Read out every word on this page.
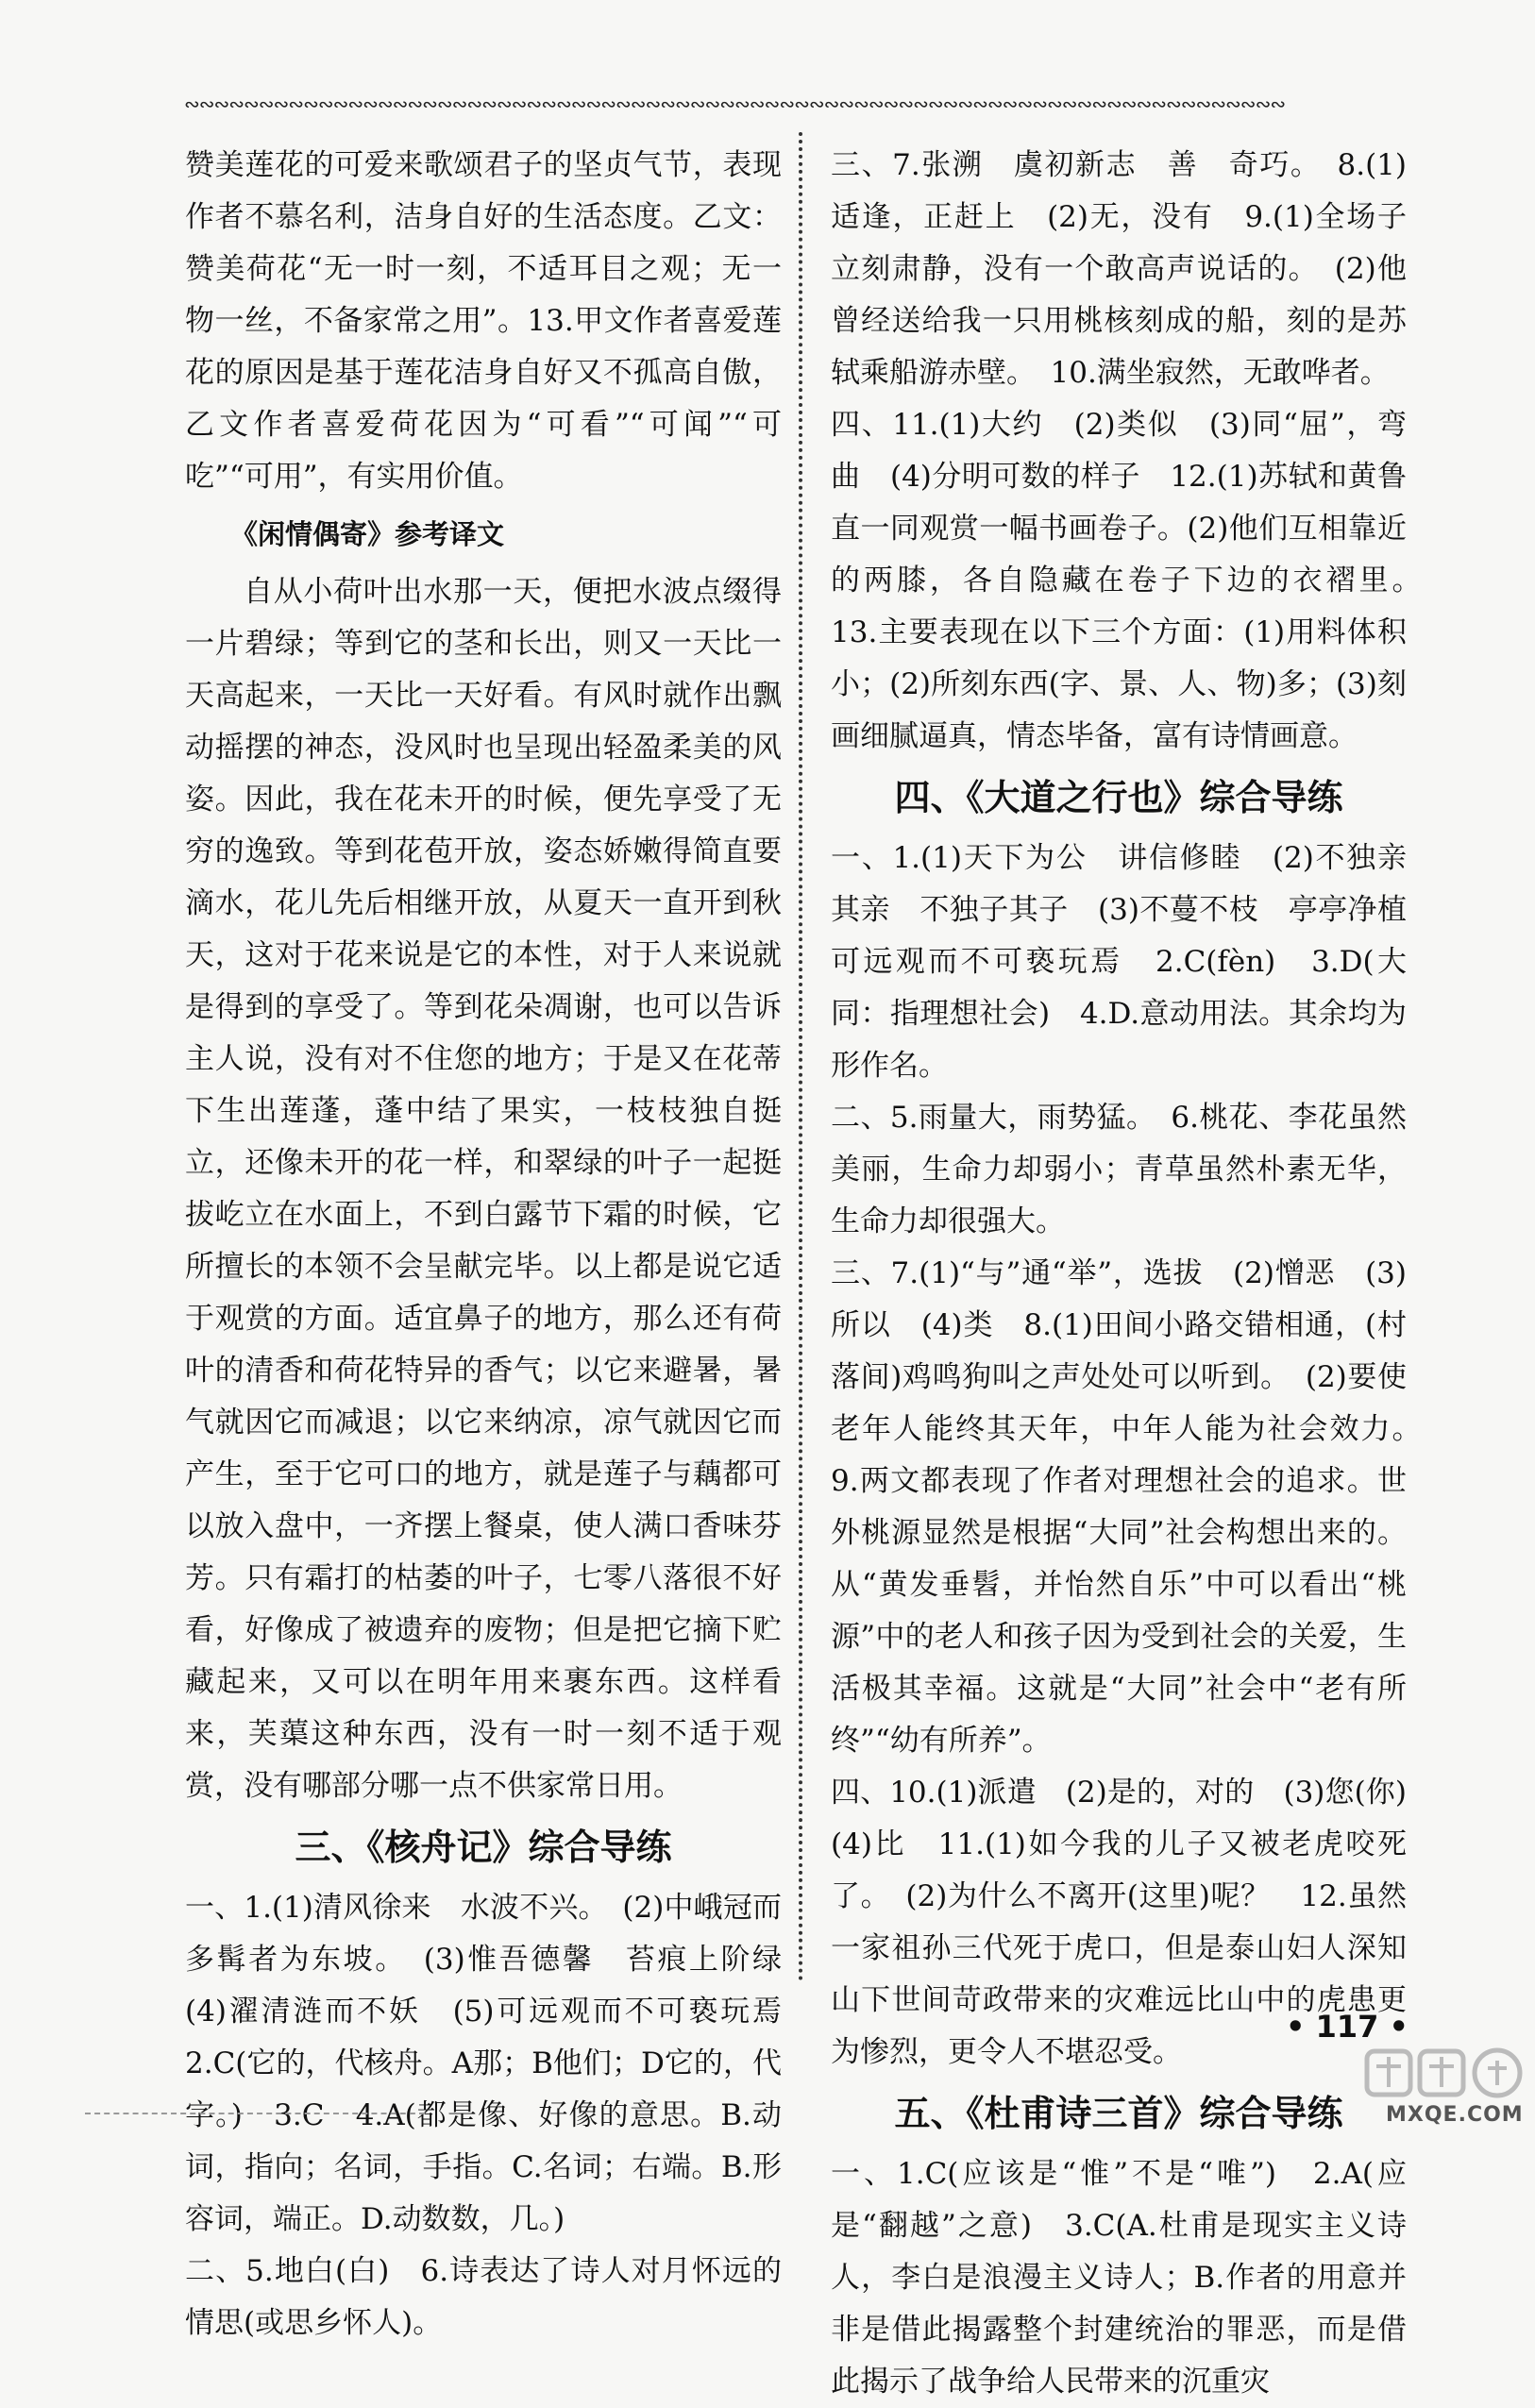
∾∾∾∾∾∾∾∾∾∾∾∾∾∾∾∾∾∾∾∾∾∾∾∾∾∾∾∾∾∾∾∾∾∾∾∾∾∾∾∾∾∾∾∾∾∾∾∾∾∾∾∾∾∾∾∾∾∾∾∾∾∾∾∾∾∾∾∾∾∾∾∾∾∾

赞美莲花的可爱来歌颂君子的坚贞气节，表现作者不慕名利，洁身自好的生活态度。乙文：赞美荷花“无一时一刻，不适耳目之观；无一物一丝，不备家常之用”。13.甲文作者喜爱莲花的原因是基于莲花洁身自好又不孤高自傲，乙文作者喜爱荷花因为“可看”“可闻”“可吃”“可用”，有实用价值。

《闲情偶寄》参考译文

自从小荷叶出水那一天，便把水波点缀得一片碧绿；等到它的茎和长出，则又一天比一天高起来，一天比一天好看。有风时就作出飘动摇摆的神态，没风时也呈现出轻盈柔美的风姿。因此，我在花未开的时候，便先享受了无穷的逸致。等到花苞开放，姿态娇嫩得简直要滴水，花儿先后相继开放，从夏天一直开到秋天，这对于花来说是它的本性，对于人来说就是得到的享受了。等到花朵凋谢，也可以告诉主人说，没有对不住您的地方；于是又在花蒂下生出莲蓬，蓬中结了果实，一枝枝独自挺立，还像未开的花一样，和翠绿的叶子一起挺拔屹立在水面上，不到白露节下霜的时候，它所擅长的本领不会呈献完毕。以上都是说它适于观赏的方面。适宜鼻子的地方，那么还有荷叶的清香和荷花特异的香气；以它来避暑，暑气就因它而减退；以它来纳凉，凉气就因它而产生，至于它可口的地方，就是莲子与藕都可以放入盘中，一齐摆上餐桌，使人满口香味芬芳。只有霜打的枯萎的叶子，七零八落很不好看，好像成了被遗弃的废物；但是把它摘下贮藏起来，又可以在明年用来裹东西。这样看来，芙蕖这种东西，没有一时一刻不适于观赏，没有哪部分哪一点不供家常日用。

三、《核舟记》综合导练

一、1.(1)清风徐来　水波不兴。　(2)中峨冠而多髯者为东坡。　(3)惟吾德馨　苔痕上阶绿　(4)濯清涟而不妖　(5)可远观而不可亵玩焉　2.C(它的，代核舟。A那；B他们；D它的，代字。)　3.C　4.A(都是像、好像的意思。B.动词，指向；名词，手指。C.名词；右端。B.形容词，端正。D.动数数，几。)

二、5.地白(白)　6.诗表达了诗人对月怀远的情思(或思乡怀人)。

三、7.张溯　虞初新志　善　奇巧。　8.(1)适逢，正赶上　(2)无，没有　9.(1)全场子立刻肃静，没有一个敢高声说话的。　(2)他曾经送给我一只用桃核刻成的船，刻的是苏轼乘船游赤壁。　10.满坐寂然，无敢哗者。

四、11.(1)大约　(2)类似　(3)同“屈”，弯曲　(4)分明可数的样子　12.(1)苏轼和黄鲁直一同观赏一幅书画卷子。(2)他们互相靠近的两膝，各自隐藏在卷子下边的衣褶里。　13.主要表现在以下三个方面：(1)用料体积小；(2)所刻东西(字、景、人、物)多；(3)刻画细腻逼真，情态毕备，富有诗情画意。

四、《大道之行也》综合导练

一、1.(1)天下为公　讲信修睦　(2)不独亲其亲　不独子其子　(3)不蔓不枝　亭亭净植　可远观而不可亵玩焉　2.C(fèn)　3.D(大同：指理想社会)　4.D.意动用法。其余均为形作名。

二、5.雨量大，雨势猛。　6.桃花、李花虽然美丽，生命力却弱小；青草虽然朴素无华，生命力却很强大。

三、7.(1)“与”通“举”，选拔　(2)憎恶　(3)所以　(4)类　8.(1)田间小路交错相通，(村落间)鸡鸣狗叫之声处处可以听到。　(2)要使老年人能终其天年，中年人能为社会效力。　9.两文都表现了作者对理想社会的追求。世外桃源显然是根据“大同”社会构想出来的。从“黄发垂髫，并怡然自乐”中可以看出“桃源”中的老人和孩子因为受到社会的关爱，生活极其幸福。这就是“大同”社会中“老有所终”“幼有所养”。

四、10.(1)派遣　(2)是的，对的　(3)您(你)　(4)比　11.(1)如今我的儿子又被老虎咬死了。　(2)为什么不离开(这里)呢？　12.虽然一家祖孙三代死于虎口，但是泰山妇人深知山下世间苛政带来的灾难远比山中的虎患更为惨烈，更令人不堪忍受。

五、《杜甫诗三首》综合导练

一、1.C(应该是“惟”不是“唯”)　2.A(应是“翻越”之意)　3.C(A.杜甫是现实主义诗人，李白是浪漫主义诗人；B.作者的用意并非是借此揭露整个封建统治的罪恶，而是借此揭示了战争给人民带来的沉重灾

• 117 •
MXQE.COM
